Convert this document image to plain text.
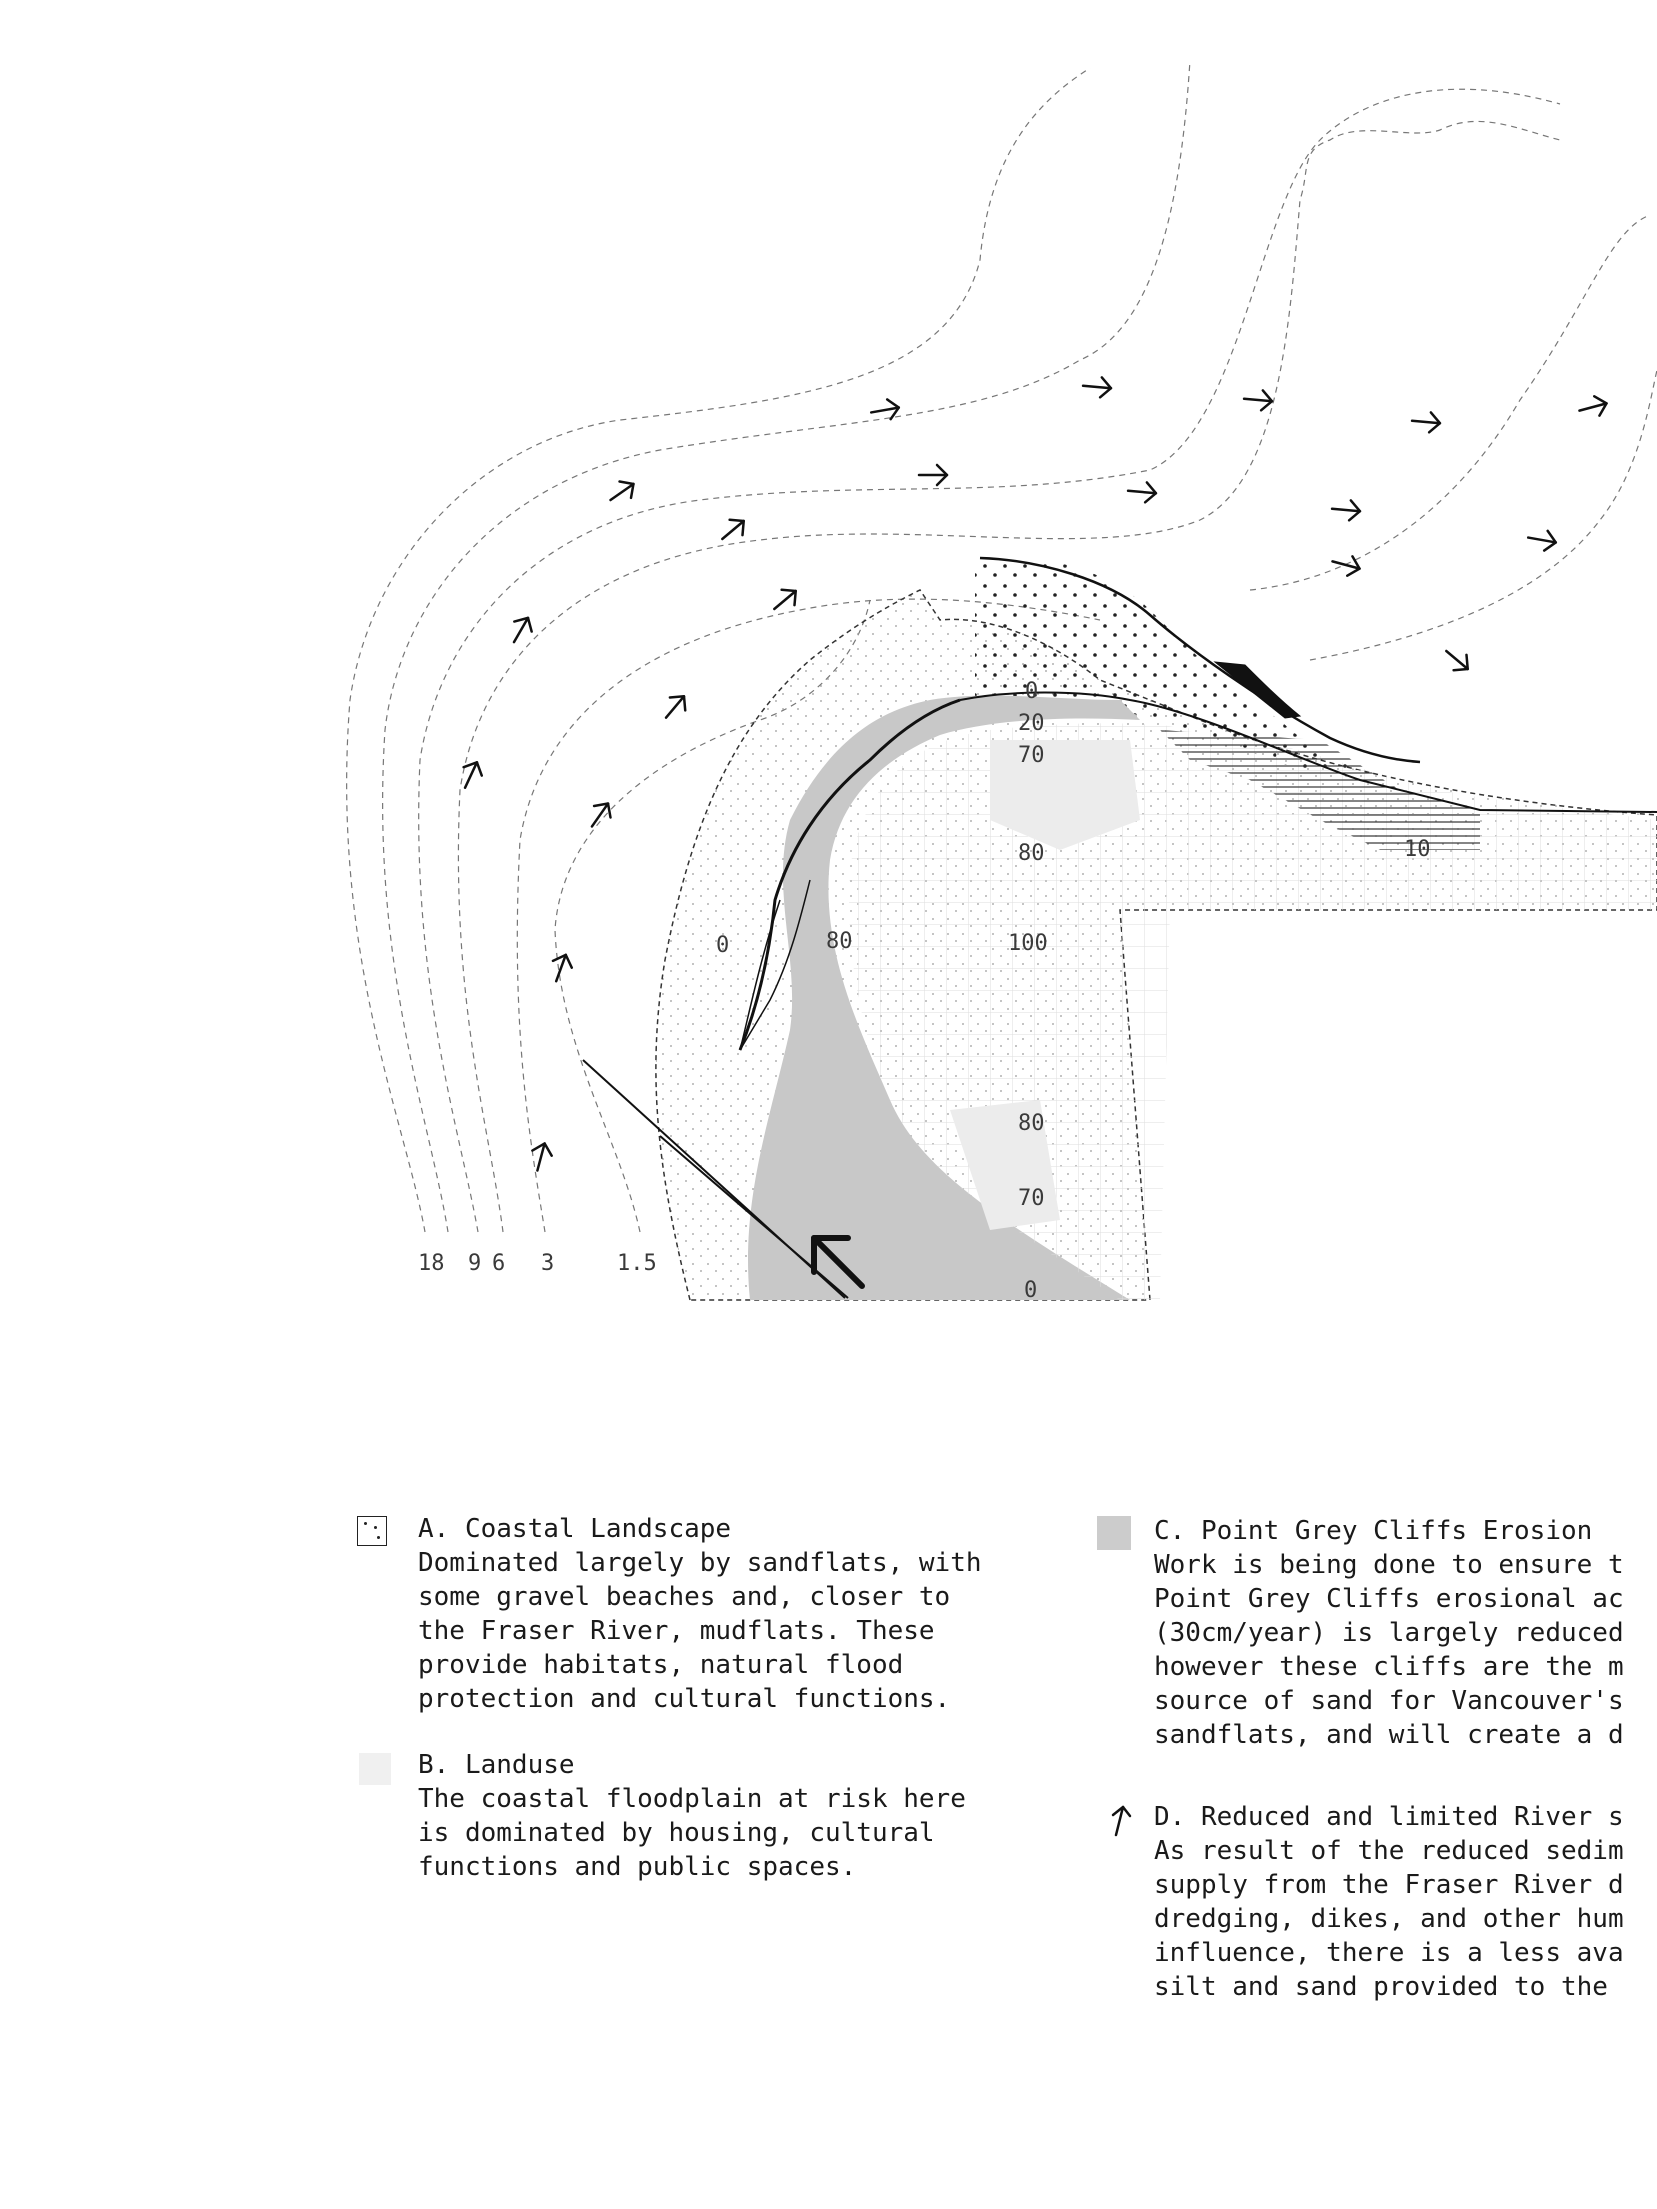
18 9 6 3	1.5
0
20
70
80	10
0	80	100
80
70
0
A. Coastal Landscape
Dominated largely by sandflats, with
some gravel beaches and, closer to
the Fraser River, mudflats. These
provide habitats, natural flood
protection and cultural functions.
B. Landuse
The coastal floodplain at risk here
is dominated by housing, cultural
functions and public spaces.
C. Point Grey Cliffs Erosion
Work is being done to ensure t
Point Grey Cliffs erosional ac
(30cm/year) is largely reduced
however these cliffs are the m
source of sand for Vancouver's
sandflats, and will create a d
D. Reduced and limited River s
As result of the reduced sedim
supply from the Fraser River d
dredging, dikes, and other hum
influence, there is a less ava
silt and sand provided to the
